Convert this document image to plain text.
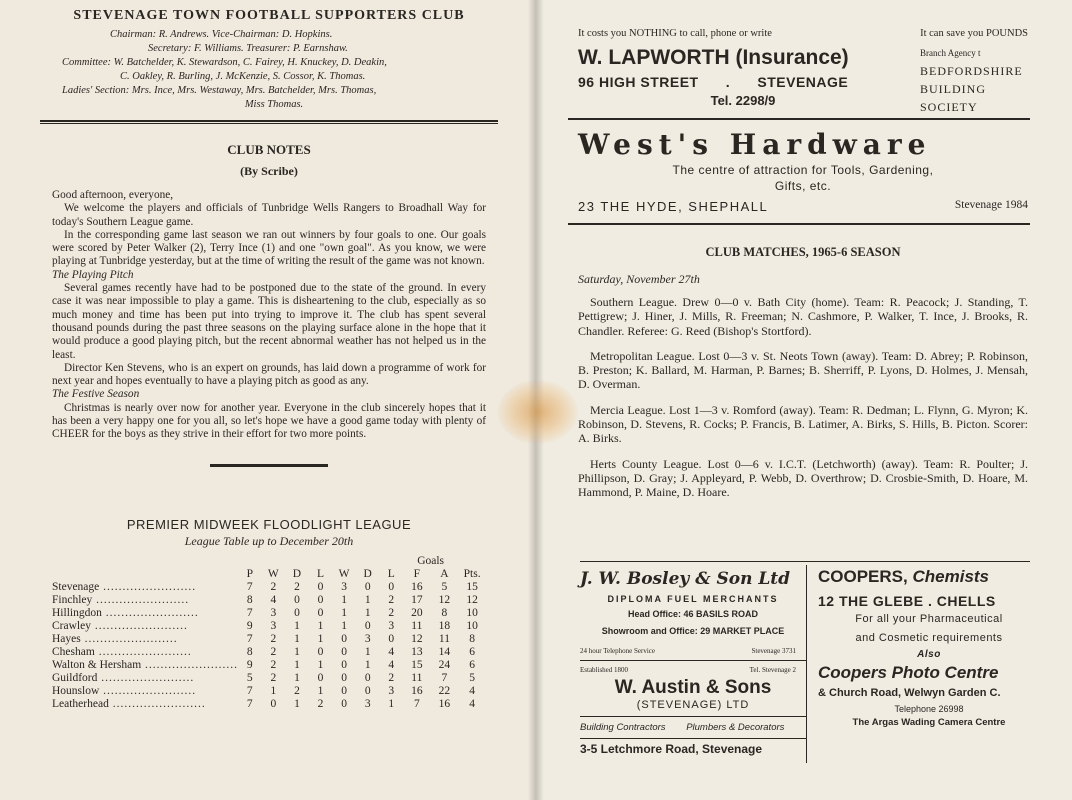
STEVENAGE TOWN FOOTBALL SUPPORTERS CLUB
Chairman: R. Andrews. Vice-Chairman: D. Hopkins.
Secretary: F. Williams. Treasurer: P. Earnshaw.
Committee: W. Batchelder, K. Stewardson, C. Fairey, H. Knuckey, D. Deakin,
C. Oakley, R. Burling, J. McKenzie, S. Cossor, K. Thomas.
Ladies' Section: Mrs. Ince, Mrs. Westaway, Mrs. Batchelder, Mrs. Thomas,
Miss Thomas.
CLUB NOTES
(By Scribe)

Good afternoon, everyone,

We welcome the players and officials of Tunbridge Wells Rangers to Broadhall Way for today's Southern League game.

In the corresponding game last season we ran out winners by four goals to one. Our goals were scored by Peter Walker (2), Terry Ince (1) and one "own goal". As you know, we were playing at Tunbridge yesterday, but at the time of writing the result of the game was not known.

The Playing Pitch

Several games recently have had to be postponed due to the state of the ground. In every case it was near impossible to play a game. This is disheartening to the club, especially as so much money and time has been put into trying to improve it. The club has spent several thousand pounds during the past three seasons on the playing surface alone in the hope that it would produce a good playing pitch, but the recent abnormal weather has not helped us in the least.

Director Ken Stevens, who is an expert on grounds, has laid down a programme of work for next year and hopes eventually to have a playing pitch as good as any.

The Festive Season

Christmas is nearly over now for another year. Everyone in the club sincerely hopes that it has been a very happy one for you all, so let's hope we have a good game today with plenty of CHEER for the boys as they strive in their effort for two more points.

PREMIER MIDWEEK FLOODLIGHT LEAGUE
League Table up to December 20th
								Goals		
	P	W	D	L	W	D	L	F	A	Pts.
Stevenage ........................	7	2	2	0	3	0	0	16	5	15
Finchley ........................	8	4	0	0	1	1	2	17	12	12
Hillingdon ........................	7	3	0	0	1	1	2	20	8	10
Crawley ........................	9	3	1	1	1	0	3	11	18	10
Hayes ........................	7	2	1	1	0	3	0	12	11	8
Chesham ........................	8	2	1	0	0	1	4	13	14	6
Walton & Hersham ........................	9	2	1	1	0	1	4	15	24	6
Guildford ........................	5	2	1	0	0	0	2	11	7	5
Hounslow ........................	7	1	2	1	0	0	3	16	22	4
Leatherhead ........................	7	0	1	2	0	3	1	7	16	4
It costs you NOTHING to call, phone or write	It can save you POUNDS
W. LAPWORTH (Insurance)
96 HIGH STREET . STEVENAGE
Tel. 2298/9
West's Hardware
The centre of attraction for Tools, Gardening,
Gifts, etc.
23 THE HYDE, SHEPHALL	Stevenage 1984
CLUB MATCHES, 1965-6 SEASON
Saturday, November 27th
Southern League. Drew 0—0 v. Bath City (home). Team: R. Peacock; J. Standing, T. Pettigrew; J. Hiner, J. Mills, R. Freeman; N. Cashmore, P. Walker, T. Ince, J. Brooks, R. Chandler. Referee: G. Reed (Bishop's Stortford).
Metropolitan League. Lost 0—3 v. St. Neots Town (away). Team: D. Abrey; P. Robinson, B. Preston; K. Ballard, M. Harman, P. Barnes; B. Sherriff, P. Lyons, D. Holmes, J. Mensah, D. Overman.
Mercia League. Lost 1—3 v. Romford (away). Team: R. Dedman; L. Flynn, G. Myron; K. Robinson, D. Stevens, R. Cocks; P. Francis, B. Latimer, A. Birks, S. Hills, B. Picton. Scorer: A. Birks.
Herts County League. Lost 0—6 v. I.C.T. (Letchworth) (away). Team: R. Poulter; J. Phillipson, D. Gray; J. Appleyard, P. Webb, D. Overthrow; D. Crosbie-Smith, D. Hoare, M. Hammond, P. Maine, D. Hoare.
Branch Agency t
BEDFORDSHIRE
BUILDING
SOCIETY
J. W. Bosley & Son Ltd
DIPLOMA FUEL MERCHANTS
Head Office: 46 BASILS ROAD
Showroom and Office: 29 MARKET PLACE
24 hour Telephone Service	Stevenage 3731
Established 1800	Tel. Stevenage 2
W. Austin & Sons
(STEVENAGE) LTD
Building Contractors Plumbers & Decorators
3-5 Letchmore Road, Stevenage
COOPERS, Chemists
12 THE GLEBE . CHELLS
For all your Pharmaceutical
and Cosmetic requirements
Also
Coopers Photo Centre
& Church Road, Welwyn Garden C.
Telephone 26998
The Argas Wading Camera Centre
